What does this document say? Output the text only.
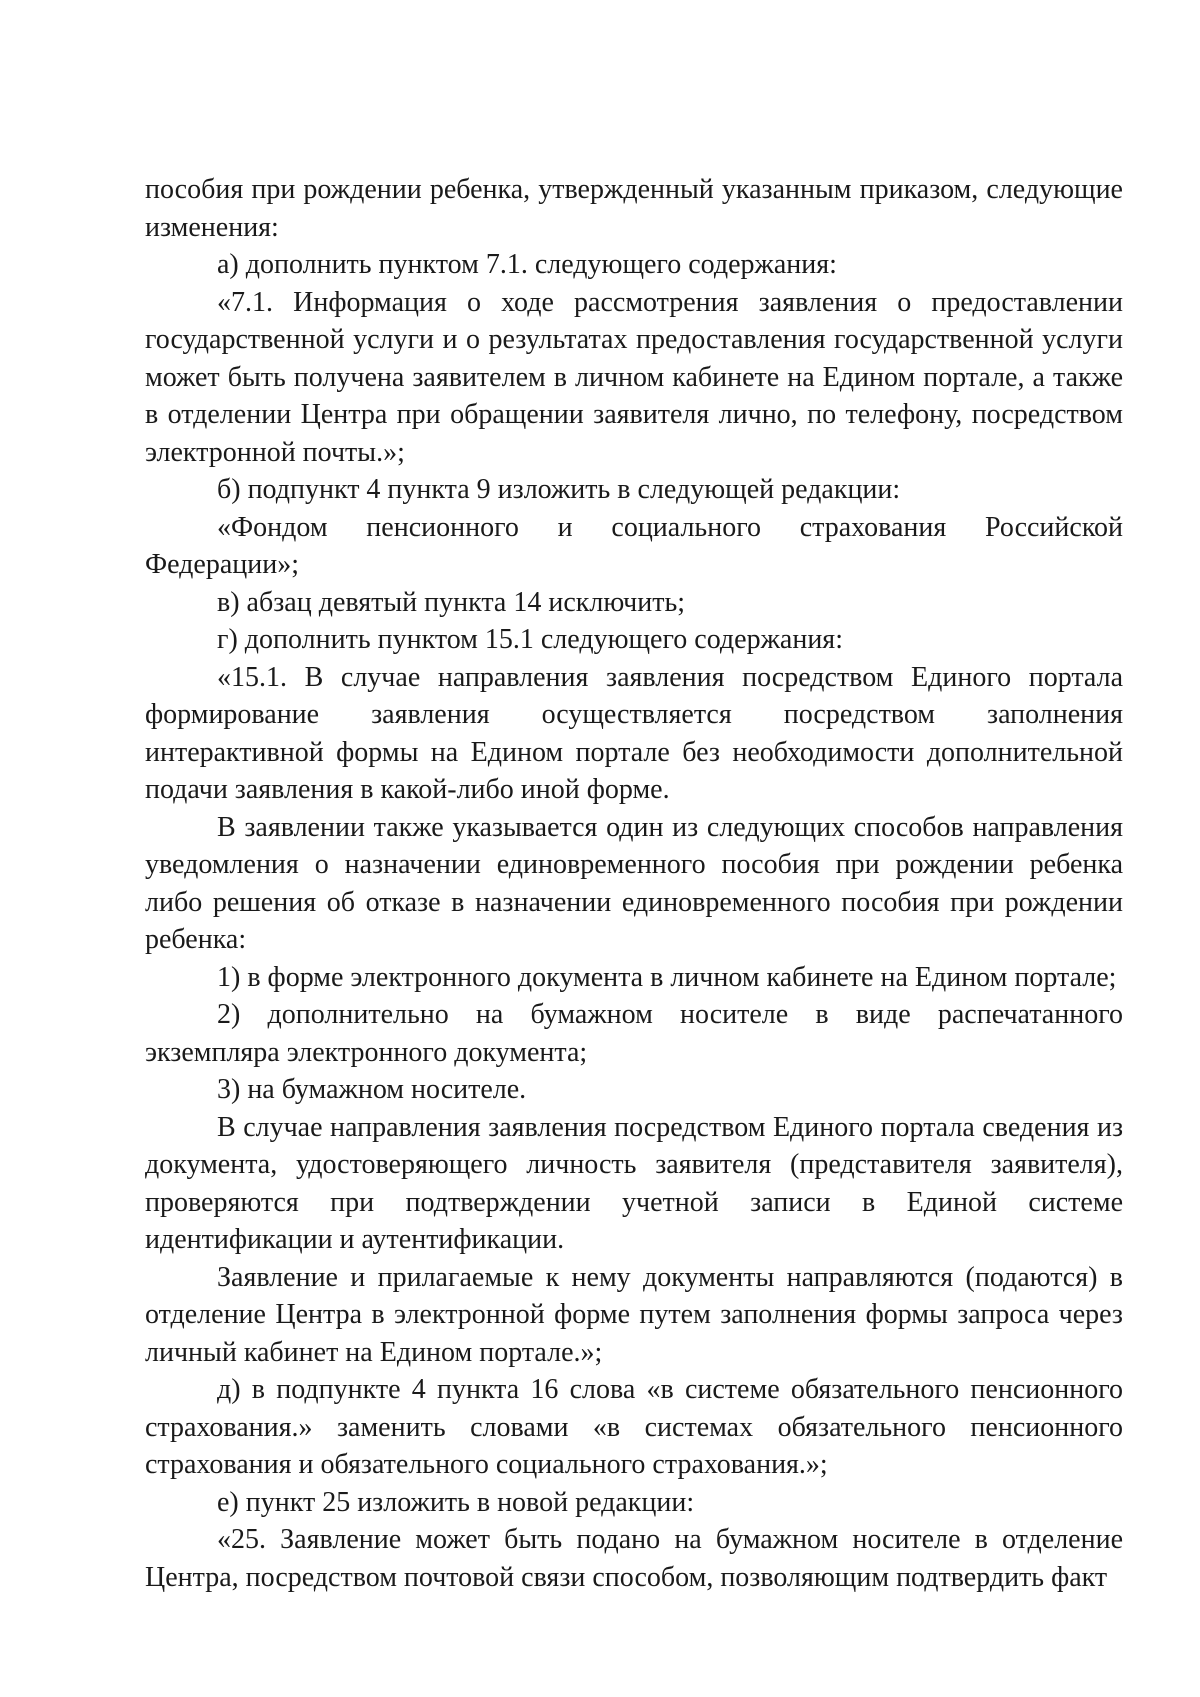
пособия при рождении ребенка, утвержденный указанным приказом, следующие изменения:

а) дополнить пунктом 7.1. следующего содержания:

«7.1. Информация о ходе рассмотрения заявления о предоставлении государственной услуги и о результатах предоставления государственной услуги может быть получена заявителем в личном кабинете на Едином портале, а также в отделении Центра при обращении заявителя лично, по телефону, посредством электронной почты.»;

б) подпункт 4 пункта 9 изложить в следующей редакции:

«Фондом пенсионного и социального страхования Российской Федерации»;

в) абзац девятый пункта 14 исключить;

г) дополнить пунктом 15.1 следующего содержания:

«15.1. В случае направления заявления посредством Единого портала формирование заявления осуществляется посредством заполнения интерактивной формы на Едином портале без необходимости дополнительной подачи заявления в какой-либо иной форме.

В заявлении также указывается один из следующих способов направления уведомления о назначении единовременного пособия при рождении ребенка либо решения об отказе в назначении единовременного пособия при рождении ребенка:

1) в форме электронного документа в личном кабинете на Едином портале;

2) дополнительно на бумажном носителе в виде распечатанного экземпляра электронного документа;

3) на бумажном носителе.

В случае направления заявления посредством Единого портала сведения из документа, удостоверяющего личность заявителя (представителя заявителя), проверяются при подтверждении учетной записи в Единой системе идентификации и аутентификации.

Заявление и прилагаемые к нему документы направляются (подаются) в отделение Центра в электронной форме путем заполнения формы запроса через личный кабинет на Едином портале.»;

д) в подпункте 4 пункта 16 слова «в системе обязательного пенсионного страхования.» заменить словами «в системах обязательного пенсионного страхования и обязательного социального страхования.»;

е) пункт 25 изложить в новой редакции:

«25. Заявление может быть подано на бумажном носителе в отделение Центра, посредством почтовой связи способом, позволяющим подтвердить факт
